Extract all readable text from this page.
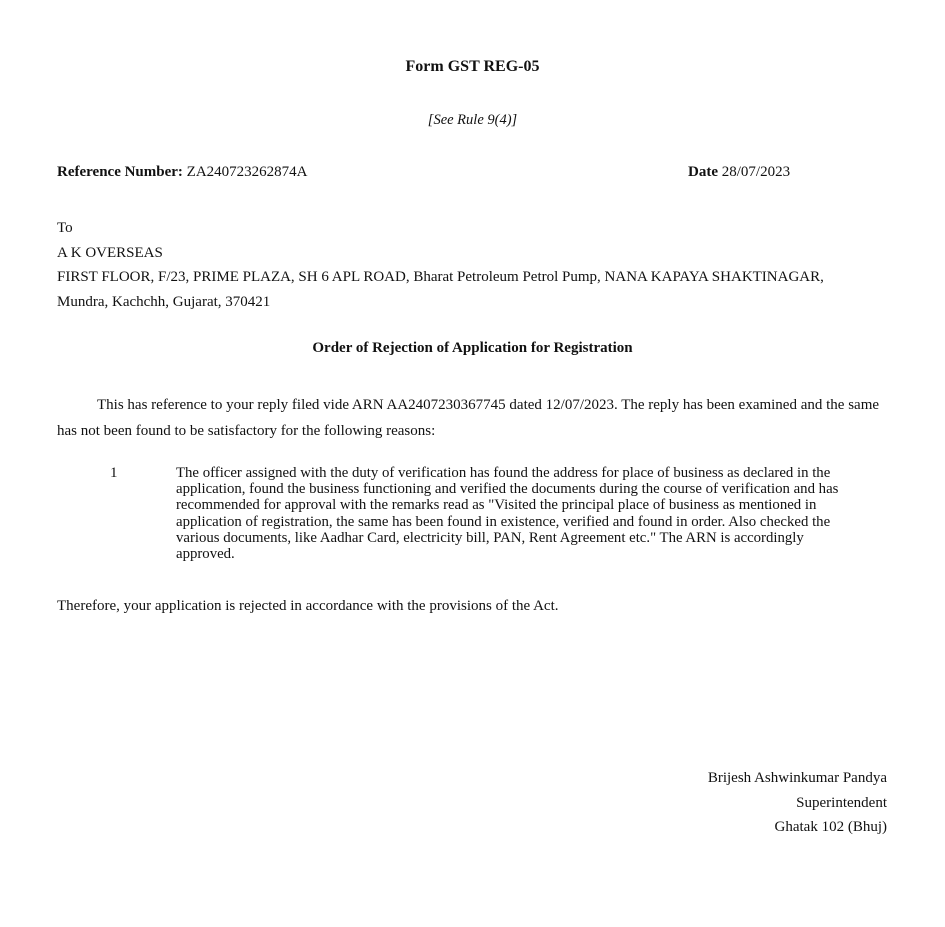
Form GST REG-05
[See Rule 9(4)]
Reference Number: ZA240723262874A	Date 28/07/2023
To
A K OVERSEAS
FIRST FLOOR, F/23, PRIME PLAZA, SH 6 APL ROAD, Bharat Petroleum Petrol Pump, NANA KAPAYA SHAKTINAGAR,
Mundra, Kachchh, Gujarat, 370421
Order of Rejection of Application for Registration
This has reference to your reply filed vide ARN AA2407230367745 dated 12/07/2023. The reply has been examined and the same has not been found to be satisfactory for the following reasons:
1	The officer assigned with the duty of verification has found the address for place of business as declared in the application, found the business functioning and verified the documents during the course of verification and has recommended for approval with the remarks read as "Visited the principal place of business as mentioned in application of registration, the same has been found in existence, verified and found in order. Also checked the various documents, like Aadhar Card, electricity bill, PAN, Rent Agreement etc." The ARN is accordingly approved.
Therefore, your application is rejected in accordance with the provisions of the Act.
Brijesh Ashwinkumar Pandya
Superintendent
Ghatak 102 (Bhuj)
